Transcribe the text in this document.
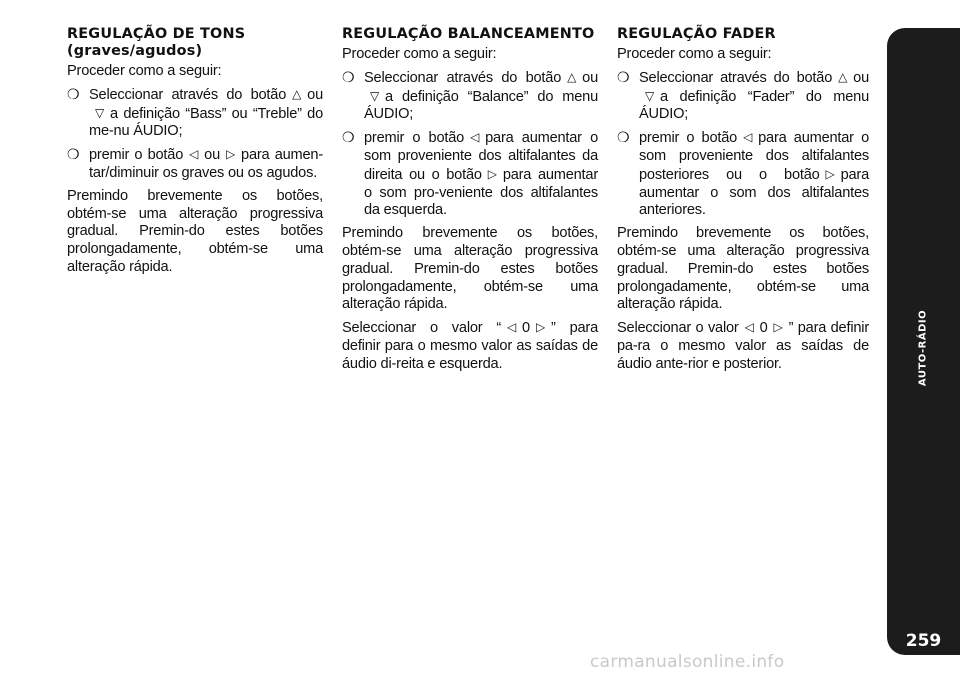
REGULAÇÃO DE TONS
(graves/agudos)

Proceder como a seguir:

❍ Seleccionar através do botão △ ou▽ a definição “Bass” ou “Treble” do me-nu ÁUDIO;
❍ premir o botão ◁ ou ▷ para aumen-tar/diminuir os graves ou os agudos.

Premindo brevemente os botões, obtém-se uma alteração progressiva gradual. Premin-do estes botões prolongadamente, obtém-se uma alteração rápida.

REGULAÇÃO BALANCEAMENTO

Proceder como a seguir:

❍ Seleccionar através do botão △ ou▽ a definição “Balance” do menu ÁUDIO;
❍ premir o botão ◁ para aumentar o som proveniente dos altifalantes da direita ou o botão ▷ para aumentar o som pro-veniente dos altifalantes da esquerda.

Premindo brevemente os botões, obtém-se uma alteração progressiva gradual. Premin-do estes botões prolongadamente, obtém-se uma alteração rápida.

Seleccionar o valor “ ◁ 0 ▷ ” para definir para o mesmo valor as saídas de áudio di-reita e esquerda.

REGULAÇÃO FADER

Proceder como a seguir:

❍ Seleccionar através do botão △ ou▽ a definição “Fader” do menu ÁUDIO;
❍ premir o botão ◁ para aumentar o som proveniente dos altifalantes posteriores ou o botão ▷ para aumentar o som dos altifalantes anteriores.

Premindo brevemente os botões, obtém-se uma alteração progressiva gradual. Premin-do estes botões prolongadamente, obtém-se uma alteração rápida.

Seleccionar o valor ◁ 0 ▷ ” para definir pa-ra o mesmo valor as saídas de áudio ante-rior e posterior.	AUTO-RÁDIO
259
carmanualsonline.info
